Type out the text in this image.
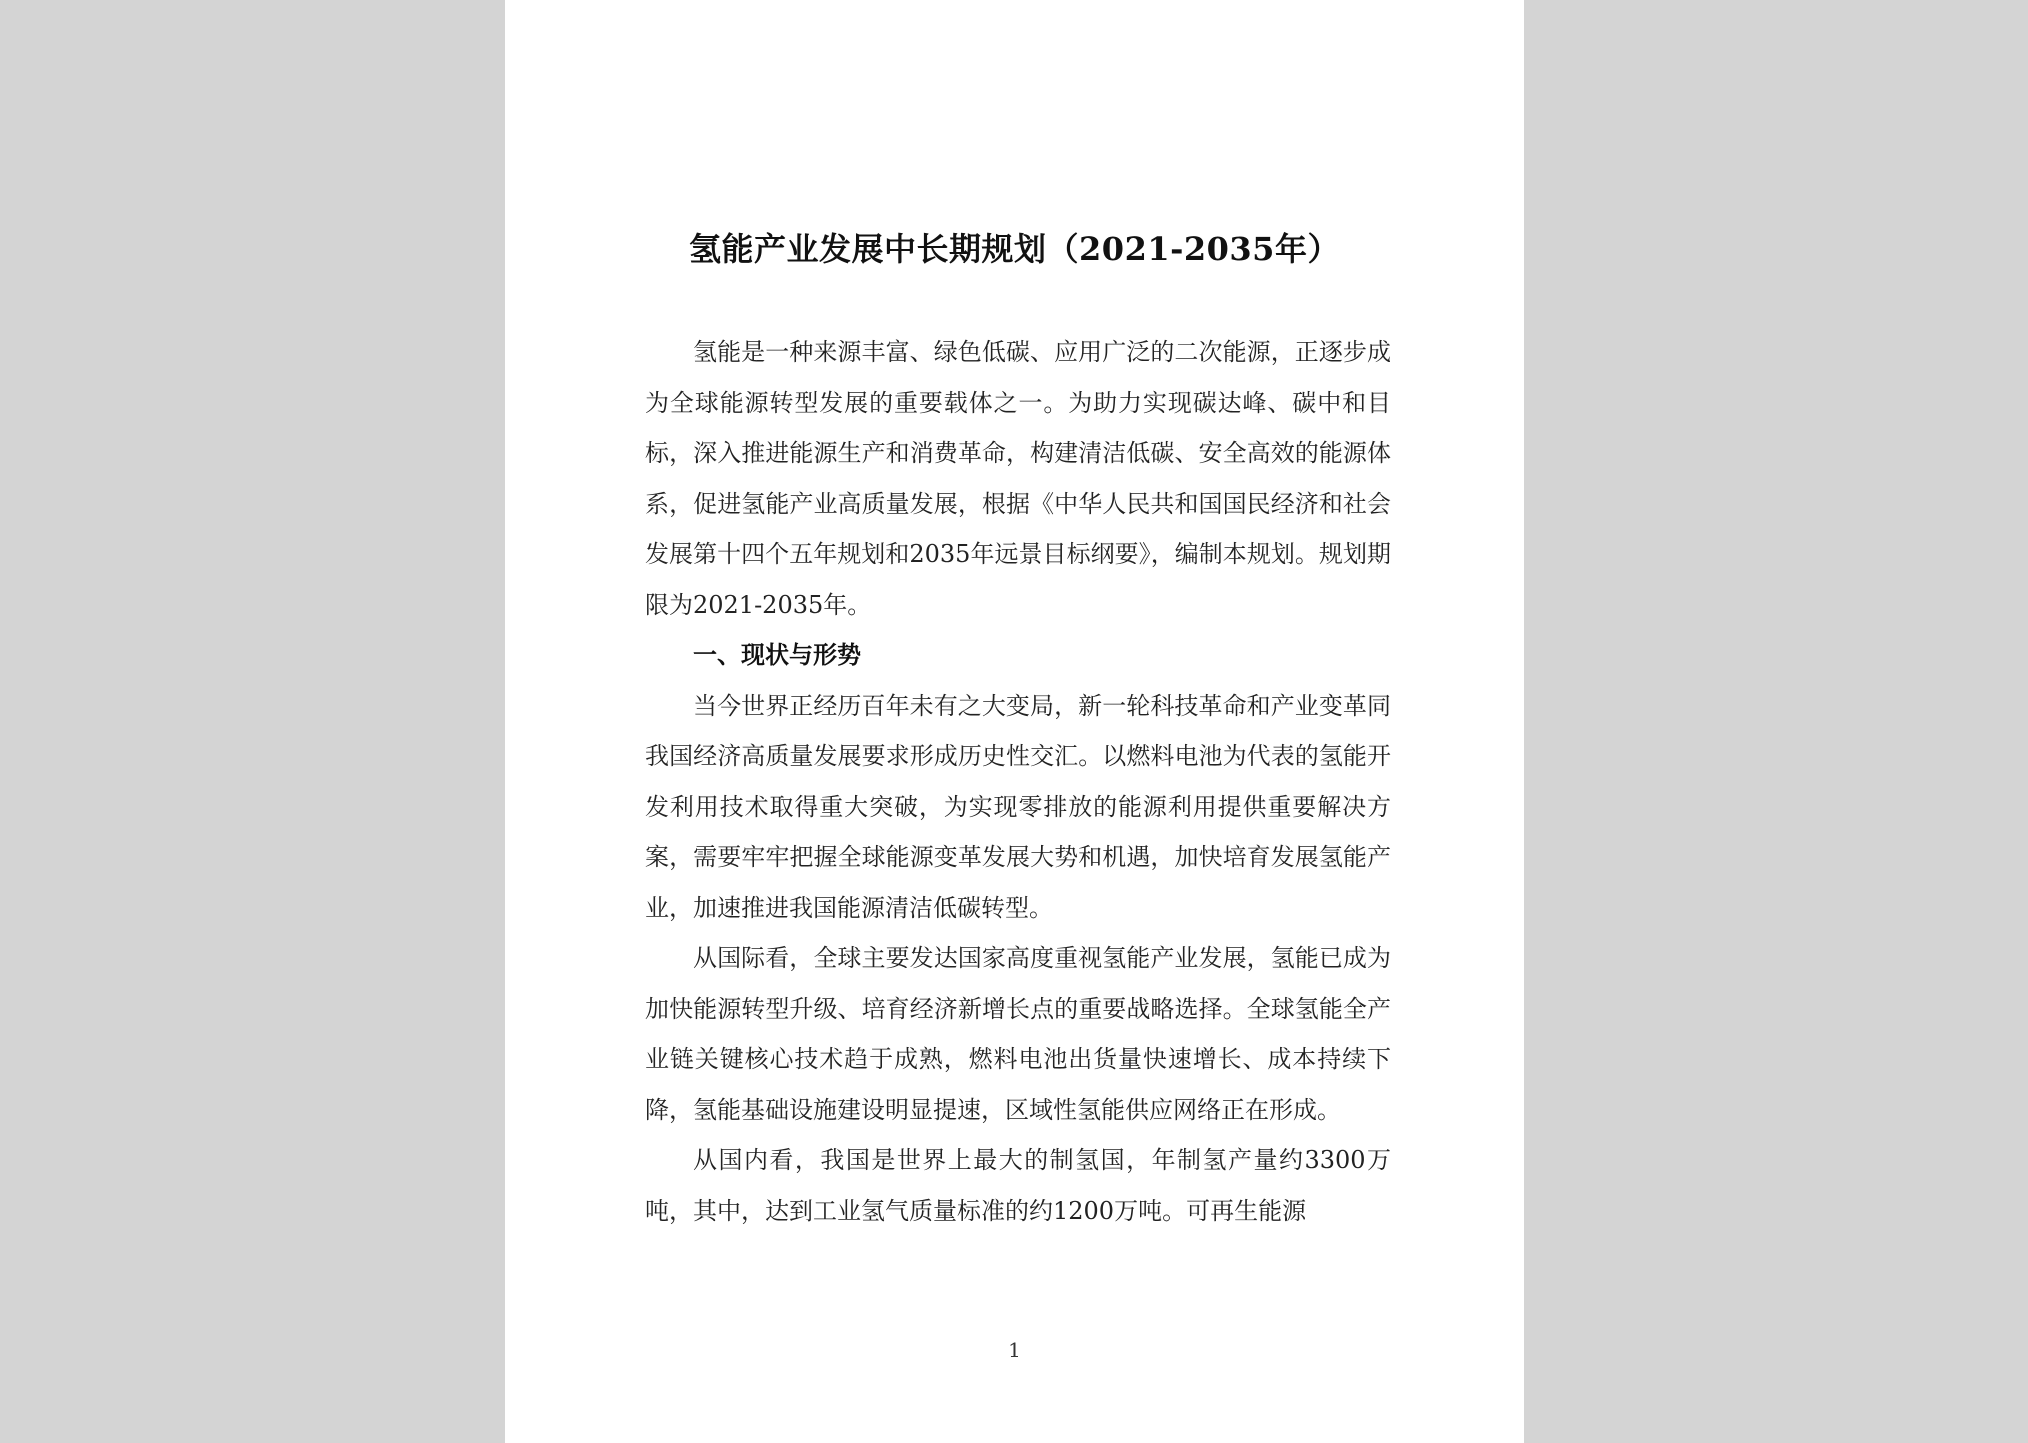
氢能产业发展中长期规划（2021-2035年）

氢能是一种来源丰富、绿色低碳、应用广泛的二次能源，正逐步成为全球能源转型发展的重要载体之一。为助力实现碳达峰、碳中和目标，深入推进能源生产和消费革命，构建清洁低碳、安全高效的能源体系，促进氢能产业高质量发展，根据《中华人民共和国国民经济和社会发展第十四个五年规划和2035年远景目标纲要》，编制本规划。规划期限为2021-2035年。

一、现状与形势

当今世界正经历百年未有之大变局，新一轮科技革命和产业变革同我国经济高质量发展要求形成历史性交汇。以燃料电池为代表的氢能开发利用技术取得重大突破，为实现零排放的能源利用提供重要解决方案，需要牢牢把握全球能源变革发展大势和机遇，加快培育发展氢能产业，加速推进我国能源清洁低碳转型。

从国际看，全球主要发达国家高度重视氢能产业发展，氢能已成为加快能源转型升级、培育经济新增长点的重要战略选择。全球氢能全产业链关键核心技术趋于成熟，燃料电池出货量快速增长、成本持续下降，氢能基础设施建设明显提速，区域性氢能供应网络正在形成。

从国内看，我国是世界上最大的制氢国，年制氢产量约3300万吨，其中，达到工业氢气质量标准的约1200万吨。可再生能源

1
